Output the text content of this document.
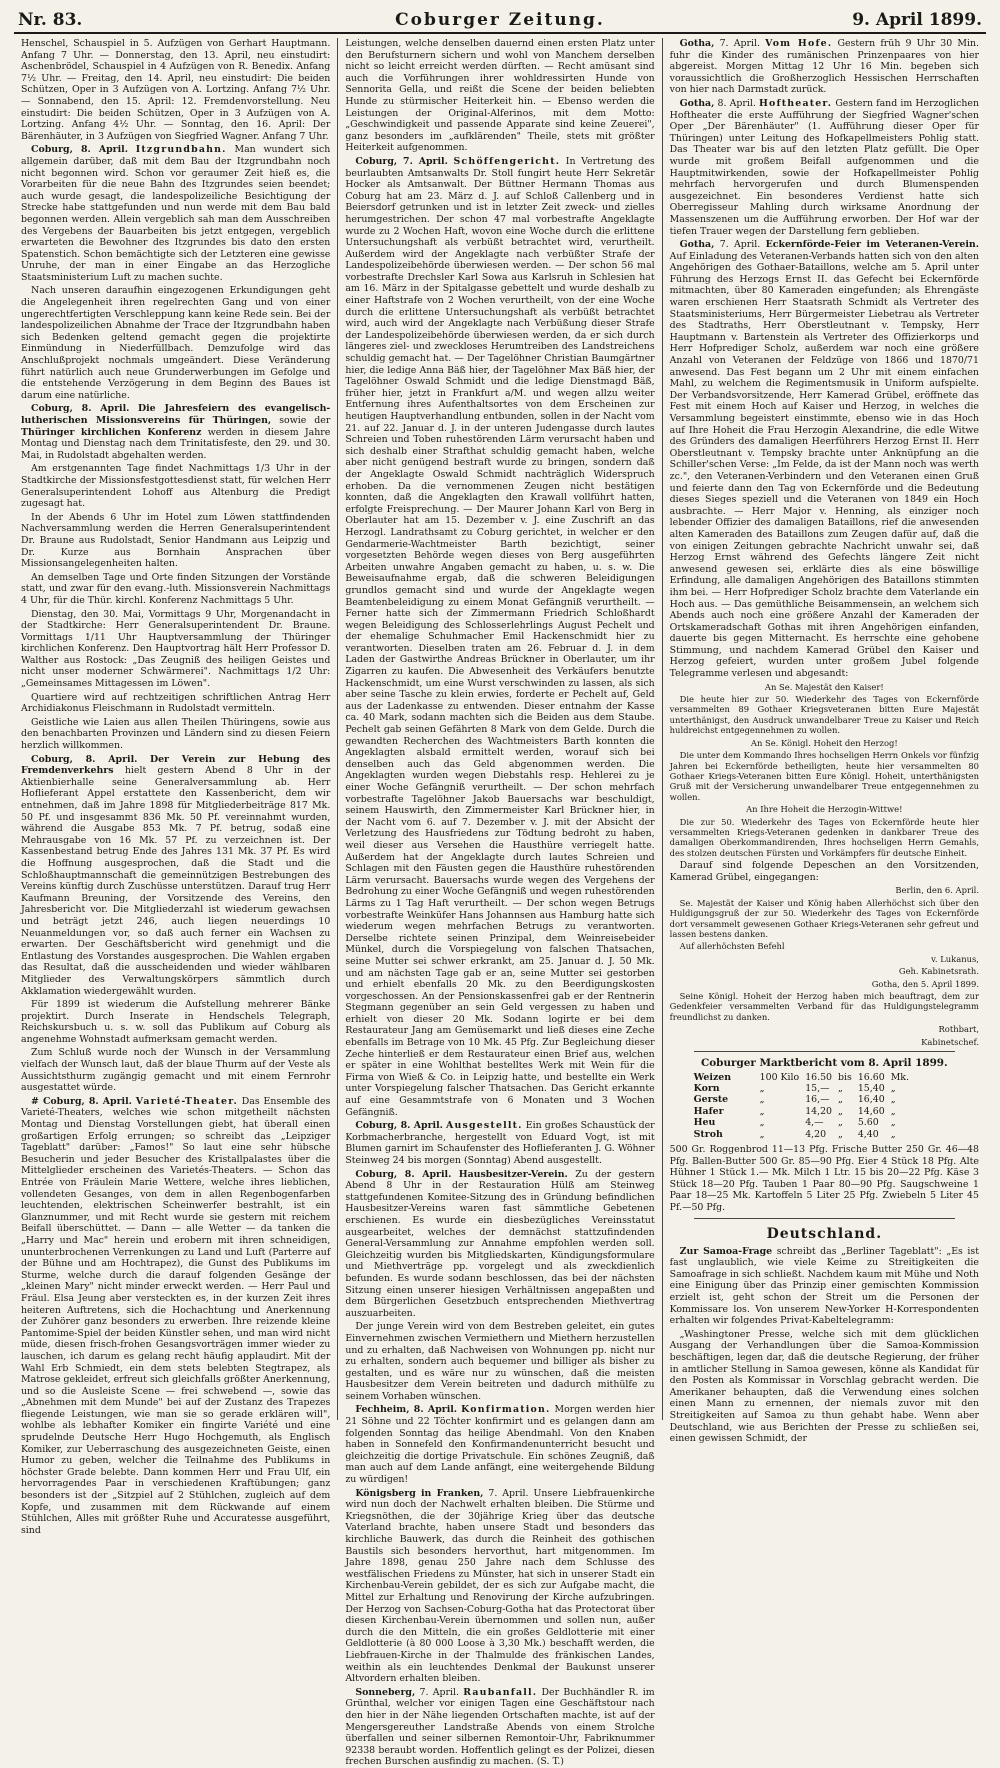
Nr. 83.	Coburger Zeitung.	9. April 1899.

Henschel, Schauspiel in 5. Aufzügen von Gerhart Hauptmann. Anfang 7 Uhr. — Donnerstag, den 13. April, neu einstudirt: Aschenbrödel, Schauspiel in 4 Aufzügen von R. Benedix. Anfang 7½ Uhr. — Freitag, den 14. April, neu einstudirt: Die beiden Schützen, Oper in 3 Aufzügen von A. Lortzing. Anfang 7½ Uhr. — Sonnabend, den 15. April: 12. Fremdenvorstellung. Neu einstudirt: Die beiden Schützen, Oper in 3 Aufzügen von A. Lortzing. Anfang 4½ Uhr. — Sonntag, den 16. April: Der Bärenhäuter, in 3 Aufzügen von Siegfried Wagner. Anfang 7 Uhr.

Coburg, 8. April. Itzgrundbahn. Man wundert sich allgemein darüber, daß mit dem Bau der Itzgrundbahn noch nicht begonnen wird. Schon vor geraumer Zeit hieß es, die Vorarbeiten für die neue Bahn des Itzgrundes seien beendet; auch wurde gesagt, die landespolizeiliche Besichtigung der Strecke habe stattgefunden und nun werde mit dem Bau bald begonnen werden. Allein vergeblich sah man dem Ausschreiben des Vergebens der Bauarbeiten bis jetzt entgegen, vergeblich erwarteten die Bewohner des Itzgrundes bis dato den ersten Spatenstich. Schon bemächtigte sich der Letzteren eine gewisse Unruhe, der man in einer Eingabe an das Herzogliche Staatsministerium Luft zu machen suchte.

Nach unseren daraufhin eingezogenen Erkundigungen geht die Angelegenheit ihren regelrechten Gang und von einer ungerechtfertigten Verschleppung kann keine Rede sein. Bei der landespolizeilichen Abnahme der Trace der Itzgrundbahn haben sich Bedenken geltend gemacht gegen die projektirte Einmündung in Niederfüllbach. Demzufolge wird das Anschlußprojekt nochmals umgeändert. Diese Veränderung führt natürlich auch neue Grunderwerbungen im Gefolge und die entstehende Verzögerung in dem Beginn des Baues ist darum eine natürliche.

Coburg, 8. April. Die Jahresfeiern des evangelisch-lutherischen Missionsvereins für Thüringen, sowie der Thüringer kirchlichen Konferenz werden in diesem Jahre Montag und Dienstag nach dem Trinitatisfeste, den 29. und 30. Mai, in Rudolstadt abgehalten werden.

Am erstgenannten Tage findet Nachmittags 1/3 Uhr in der Stadtkirche der Missionsfestgottesdienst statt, für welchen Herr Generalsuperintendent Lohoff aus Altenburg die Predigt zugesagt hat.

In der Abends 6 Uhr im Hotel zum Löwen stattfindenden Nachversammlung werden die Herren Generalsuperintendent Dr. Braune aus Rudolstadt, Senior Handmann aus Leipzig und Dr. Kurze aus Bornhain Ansprachen über Missionsangelegenheiten halten.

An demselben Tage und Orte finden Sitzungen der Vorstände statt, und zwar für den evang.-luth. Missionsverein Nachmittags 4 Uhr, für die Thür. kirchl. Konferenz Nachmittags 5 Uhr.

Dienstag, den 30. Mai, Vormittags 9 Uhr, Morgenandacht in der Stadtkirche: Herr Generalsuperintendent Dr. Braune. Vormittags 1/11 Uhr Hauptversammlung der Thüringer kirchlichen Konferenz. Den Hauptvortrag hält Herr Professor D. Walther aus Rostock: „Das Zeugniß des heiligen Geistes und nicht unser moderner Schwärmerei". Nachmittags 1/2 Uhr: „Gemeinsames Mittagessen im Löwen".

Quartiere wird auf rechtzeitigen schriftlichen Antrag Herr Archidiakonus Fleischmann in Rudolstadt vermitteln.

Geistliche wie Laien aus allen Theilen Thüringens, sowie aus den benachbarten Provinzen und Ländern sind zu diesen Feiern herzlich willkommen.

Coburg, 8. April. Der Verein zur Hebung des Fremdenverkehrs hielt gestern Abend 8 Uhr in der Aktienbierhalle seine Generalversammlung ab. Herr Hoflieferant Appel erstattete den Kassenbericht, dem wir entnehmen, daß im Jahre 1898 für Mitgliederbeiträge 817 Mk. 50 Pf. und insgesammt 836 Mk. 50 Pf. vereinnahmt wurden, während die Ausgabe 853 Mk. 7 Pf. betrug, sodaß eine Mehrausgabe von 16 Mk. 57 Pf. zu verzeichnen ist. Der Kassenbestand betrug Ende des Jahres 131 Mk. 37 Pf. Es wird die Hoffnung ausgesprochen, daß die Stadt und die Schloßhauptmannschaft die gemeinnützigen Bestrebungen des Vereins künftig durch Zuschüsse unterstützen. Darauf trug Herr Kaufmann Breuning, der Vorsitzende des Vereins, den Jahresbericht vor. Die Mitgliederzahl ist wiederum gewachsen und beträgt jetzt 246, auch liegen neuerdings 10 Neuanmeldungen vor, so daß auch ferner ein Wachsen zu erwarten. Der Geschäftsbericht wird genehmigt und die Entlastung des Vorstandes ausgesprochen. Die Wahlen ergaben das Resultat, daß die ausscheidenden und wieder wählbaren Mitglieder des Verwaltungskörpers sämmtlich durch Akklamation wiedergewählt wurden.

Für 1899 ist wiederum die Aufstellung mehrerer Bänke projektirt. Durch Inserate in Hendschels Telegraph, Reichskursbuch u. s. w. soll das Publikum auf Coburg als angenehme Wohnstadt aufmerksam gemacht werden.

Zum Schluß wurde noch der Wunsch in der Versammlung vielfach der Wunsch laut, daß der blaue Thurm auf der Veste als Aussichtsthurm zugängig gemacht und mit einem Fernrohr ausgestattet würde.

# Coburg, 8. April. Varieté-Theater. Das Ensemble des Varieté-Theaters, welches wie schon mitgetheilt nächsten Montag und Dienstag Vorstellungen giebt, hat überall einen großartigen Erfolg errungen; so schreibt das „Leipziger Tageblatt" darüber: „Famos!" So laut eine sehr hübsche Besucherin und jeder Besucher des Kristallpalastes über die Mittelglieder erscheinen des Varietés-Theaters. — Schon das Entrée von Fräulein Marie Wettere, welche ihres lieblichen, vollendeten Gesanges, von dem in allen Regenbogenfarben leuchtenden, elektrischen Scheinwerfer bestrahlt, ist ein Glanznummer, und mit Recht wurde sie gestern mit reichem Beifall überschüttet. — Dann — alle Wetter — da tanken die „Harry und Mac" herein und erobern mit ihren schneidigen, ununterbrochenen Verrenkungen zu Land und Luft (Parterre auf der Bühne und am Hochtrapez), die Gunst des Publikums im Sturme, welche durch die darauf folgenden Gesänge der „kleinen Mary" nicht minder erweckt werden. — Herr Paul und Fräul. Elsa Jeung aber versteckten es, in der kurzen Zeit ihres heiteren Auftretens, sich die Hochachtung und Anerkennung der Zuhörer ganz besonders zu erwerben. Ihre reizende kleine Pantomime-Spiel der beiden Künstler sehen, und man wird nicht müde, diesen frisch-frohen Gesangsvorträgen immer wieder zu lauschen, ich darum es gelang recht häufig applaudirt. Mit der Wahl Erb Schmiedt, ein dem stets belebten Stegtrapez, als Matrose gekleidet, erfreut sich gleichfalls größter Anerkennung, und so die Ausleiste Scene — frei schwebend —, sowie das „Abnehmen mit dem Munde" bei auf der Zustanz des Trapezes fliegende Leistungen, wie man sie so gerade erklären will", wohlbe als lebhafter Komiker ein fingirte Variété und eine sprudelnde Deutsche Herr Hugo Hochgemuth, als Englisch Komiker, zur Ueberraschung des ausgezeichneten Geiste, einen Humor zu geben, welcher die Teilnahme des Publikums in höchster Grade belebte. Dann kommen Herr und Frau Ulf, ein hervorragendes Paar in verschiedenen Kraftübungen; ganz besonders ist der „Sitzpiel auf 2 Stühlchen, zugleich auf dem Kopfe, und zusammen mit dem Rückwande auf einem Stühlchen, Alles mit größter Ruhe und Accuratesse ausgeführt, sind

Leistungen, welche denselben dauernd einen ersten Platz unter den Berufsturnern sichern und wohl von Manchem derselben nicht so leicht erreicht werden dürften. — Recht amüsant sind auch die Vorführungen ihrer wohldressirten Hunde von Sennorita Gella, und reißt die Scene der beiden beliebten Hunde zu stürmischer Heiterkeit hin. — Ebenso werden die Leistungen der Original-Alferinos, mit dem Motto: „Geschwindigkeit und passende Apparate sind keine Zeuerei", ganz besonders im „aufklärenden" Theile, stets mit größter Heiterkeit aufgenommen.

Coburg, 7. April. Schöffengericht. In Vertretung des beurlaubten Amtsanwalts Dr. Stoll fungirt heute Herr Sekretär Hocker als Amtsanwalt. Der Büttner Hermann Thomas aus Coburg hat am 23. März d. J. auf Schloß Callenberg und in Beiersdorf getrunken und ist in letzter Zeit zweck- und zielles herumgestrichen. Der schon 47 mal vorbestrafte Angeklagte wurde zu 2 Wochen Haft, wovon eine Woche durch die erlittene Untersuchungshaft als verbüßt betrachtet wird, verurtheilt. Außerdem wird der Angeklagte nach verbüßter Strafe der Landespolizeibehörde überwiesen werden. — Der schon 56 mal vorbestrafte Drechsler Karl Sowa aus Karlsruh in Schlesien hat am 16. März in der Spitalgasse gebettelt und wurde deshalb zu einer Haftstrafe von 2 Wochen verurtheilt, von der eine Woche durch die erlittene Untersuchungshaft als verbüßt betrachtet wird, auch wird der Angeklagte nach Verbüßung dieser Strafe der Landespolizeibehörde überwiesen werden, da er sich durch längeres ziel- und zweckloses Herumtreiben des Landstreichens schuldig gemacht hat. — Der Tagelöhner Christian Baumgärtner hier, die ledige Anna Bäß hier, der Tagelöhner Max Bäß hier, der Tagelöhner Oswald Schmidt und die ledige Dienstmagd Bäß, früher hier, jetzt in Frankfurt a/M. und wegen allzu weiter Entfernung ihres Aufenthaltsortes von dem Erscheinen zur heutigen Hauptverhandlung entbunden, sollen in der Nacht vom 21. auf 22. Januar d. J. in der unteren Judengasse durch lautes Schreien und Toben ruhestörenden Lärm verursacht haben und sich deshalb einer Strafthat schuldig gemacht haben, welche aber nicht genügend bestraft wurde zu bringen, sondern daß der Angeklagte Oswald Schmidt nachträglich Widerspruch erhoben. Da die vernommenen Zeugen nicht bestätigen konnten, daß die Angeklagten den Krawall vollführt hatten, erfolgte Freisprechung. — Der Maurer Johann Karl von Berg in Oberlauter hat am 15. Dezember v. J. eine Zuschrift an das Herzogl. Landrathsamt zu Coburg gerichtet, in welcher er den Gendarmerie-Wachtmeister Barth bezichtigt, seiner vorgesetzten Behörde wegen dieses von Berg ausgeführten Arbeiten unwahre Angaben gemacht zu haben, u. s. w. Die Beweisaufnahme ergab, daß die schweren Beleidigungen grundlos gemacht sind und wurde der Angeklagte wegen Beamtenbeleidigung zu einem Monat Gefängniß verurtheilt. — Ferner hatte sich der Zimmermann Friedrich Schloßhardt wegen Beleidigung des Schlosserlehrlings August Pechelt und der ehemalige Schuhmacher Emil Hackenschmidt hier zu verantworten. Dieselben traten am 26. Februar d. J. in dem Laden der Gastwirthe Andreas Brückner in Oberlauter, um ihr Zigarren zu kaufen. Die Abwesenheit des Verkäufers benutzte Hackenschmidt, um eine Wurst verschwinden zu lassen, als sich aber seine Tasche zu klein erwies, forderte er Pechelt auf, Geld aus der Ladenkasse zu entwenden. Dieser entnahm der Kasse ca. 40 Mark, sodann machten sich die Beiden aus dem Staube. Pechelt gab seinen Gefährten 8 Mark von dem Gelde. Durch die gewandten Recherchen des Wachtmeisters Barth konnten die Angeklagten alsbald ermittelt werden, worauf sich bei denselben auch das Geld abgenommen werden. Die Angeklagten wurden wegen Diebstahls resp. Hehlerei zu je einer Woche Gefängniß verurtheilt. — Der schon mehrfach vorbestrafte Tagelöhner Jakob Bauersachs war beschuldigt, seinem Hauswirth, den Zimmermeister Karl Brückner hier, in der Nacht vom 6. auf 7. Dezember v. J. mit der Absicht der Verletzung des Hausfriedens zur Tödtung bedroht zu haben, weil dieser aus Versehen die Hausthüre verriegelt hatte. Außerdem hat der Angeklagte durch lautes Schreien und Schlagen mit den Fäusten gegen die Hausthüre ruhestörenden Lärm verursacht. Bauersachs wurde wegen des Vergehens der Bedrohung zu einer Woche Gefängniß und wegen ruhestörenden Lärms zu 1 Tag Haft verurtheilt. — Der schon wegen Betrugs vorbestrafte Weinküfer Hans Johannsen aus Hamburg hatte sich wiederum wegen mehrfachen Betrugs zu verantworten. Derselbe richtete seinen Prinzipal, dem Weinreisebeider Münkel, durch die Vorspiegelung von falschen Thatsachen, seine Mutter sei schwer erkrankt, am 25. Januar d. J. 50 Mk. und am nächsten Tage gab er an, seine Mutter sei gestorben und erhielt ebenfalls 20 Mk. zu den Beerdigungskosten vorgeschossen. An der Pensionskassenfrei gab er der Rentnerin Stegmann gegenüber an sein Geld vergessen zu haben und erhielt von dieser 20 Mk. Sodann logirte er bei dem Restaurateur Jang am Gemüsemarkt und ließ dieses eine Zeche ebenfalls im Betrage von 10 Mk. 45 Pfg. Zur Begleichung dieser Zeche hinterließ er dem Restaurateur einen Brief aus, welchen er später in eine Wohlthat bestelltes Werk mit Wein für die Firma von Wieß & Co. in Leipzig hatte, und bestellte ein Werk unter Vorspiegelung falscher Thatsachen. Das Gericht erkannte auf eine Gesammtstrafe von 6 Monaten und 3 Wochen Gefängniß.

Coburg, 8. April. Ausgestellt. Ein großes Schaustück der Korbmacherbranche, hergestellt von Eduard Vogt, ist mit Blumen garnirt im Schaufenster des Hoflieferanten J. G. Wöhner Steinweg 24 bis morgen (Sonntag) Abend ausgestellt.

Coburg, 8. April. Hausbesitzer-Verein. Zu der gestern Abend 8 Uhr in der Restauration Hülß am Steinweg stattgefundenen Komitee-Sitzung des in Gründung befindlichen Hausbesitzer-Vereins waren fast sämmtliche Gebetenen erschienen. Es wurde ein diesbezügliches Vereinsstatut ausgearbeitet, welches der demnächst stattzufindenden General-Versammlung zur Annahme empfohlen werden soll. Gleichzeitig wurden bis Mitgliedskarten, Kündigungsformulare und Miethverträge pp. vorgelegt und als zweckdienlich befunden. Es wurde sodann beschlossen, das bei der nächsten Sitzung einen unserer hiesigen Verhältnissen angepaßten und dem Bürgerlichen Gesetzbuch entsprechenden Miethvertrag auszuarbeiten.

Der junge Verein wird von dem Bestreben geleitet, ein gutes Einvernehmen zwischen Vermiethern und Miethern herzustellen und zu erhalten, daß Nachweisen von Wohnungen pp. nicht nur zu erhalten, sondern auch bequemer und billiger als bisher zu gestalten, und es wäre nur zu wünschen, daß die meisten Hausbesitzer dem Verein beitreten und dadurch mithülfe zu seinem Vorhaben wünschen.

Fechheim, 8. April. Konfirmation. Morgen werden hier 21 Söhne und 22 Töchter konfirmirt und es gelangen dann am folgenden Sonntag das heilige Abendmahl. Von den Knaben haben in Sonnefeld den Konfirmandenunterricht besucht und gleichzeitig die dortige Privatschule. Ein schönes Zeugniß, daß man auch auf dem Lande anfängt, eine weitergehende Bildung zu würdigen!

Königsberg in Franken, 7. April. Unsere Liebfrauenkirche wird nun doch der Nachwelt erhalten bleiben. Die Stürme und Kriegsnöthen, die der 30jährige Krieg über das deutsche Vaterland brachte, haben unsere Stadt und besonders das kirchliche Bauwerk, das durch die Reinheit des gothischen Baustils sich besonders hervorthut, hart mitgenommen. Im Jahre 1898, genau 250 Jahre nach dem Schlusse des westfälischen Friedens zu Münster, hat sich in unserer Stadt ein Kirchenbau-Verein gebildet, der es sich zur Aufgabe macht, die Mittel zur Erhaltung und Renovirung der Kirche aufzubringen. Der Herzog von Sachsen-Coburg-Gotha hat das Protectorat über diesen Kirchenbau-Verein übernommen und sollen nun, außer durch die den Mitteln, die ein großes Geldlotterie mit einer Geldlotterie (à 80 000 Loose à 3,30 Mk.) beschafft werden, die Liebfrauen-Kirche in der Thalmulde des fränkischen Landes, weithin als ein leuchtendes Denkmal der Baukunst unserer Altvordern erhalten bleiben.

Sonneberg, 7. April. Raubanfall. Der Buchhändler R. im Grünthal, welcher vor einigen Tagen eine Geschäftstour nach den hier in der Nähe liegenden Ortschaften machte, ist auf der Mengersgereuther Landstraße Abends von einem Strolche überfallen und seiner silbernen Remontoir-Uhr, Fabriknummer 92338 beraubt worden. Hoffentlich gelingt es der Polizei, diesen frechen Burschen ausfindig zu machen. (S. T.)

Gotha, 7. April. Vom Hofe. Gestern früh 9 Uhr 30 Min. fuhr die Kinder des rumänischen Prinzenpaares von hier abgereist. Morgen Mittag 12 Uhr 16 Min. begeben sich voraussichtlich die Großherzoglich Hessischen Herrschaften von hier nach Darmstadt zurück.

Gotha, 8. April. Hoftheater. Gestern fand im Herzoglichen Hoftheater die erste Aufführung der Siegfried Wagner'schen Oper „Der Bärenhäuter" (1. Aufführung dieser Oper für Thüringen) unter Leitung des Hofkapellmeisters Pohlig statt. Das Theater war bis auf den letzten Platz gefüllt. Die Oper wurde mit großem Beifall aufgenommen und die Hauptmitwirkenden, sowie der Hofkapellmeister Pohlig mehrfach hervorgerufen und durch Blumenspenden ausgezeichnet. Ein besonderes Verdienst hatte sich Oberregisseur Mahling durch wirksame Anordnung der Massenszenen um die Aufführung erworben. Der Hof war der tiefen Trauer wegen der Darstellung fern geblieben.

Gotha, 7. April. Eckernförde-Feier im Veteranen-Verein. Auf Einladung des Veteranen-Verbands hatten sich von den alten Angehörigen des Gothaer-Bataillons, welche am 5. April unter Führung des Herzogs Ernst II. das Gefecht bei Eckernförde mitmachten, über 80 Kameraden eingefunden; als Ehrengäste waren erschienen Herr Staatsrath Schmidt als Vertreter des Staatsministeriums, Herr Bürgermeister Liebetrau als Vertreter des Stadtraths, Herr Oberstleutnant v. Tempsky, Herr Hauptmann v. Bartenstein als Vertreter des Offizierkorps und Herr Hofprediger Scholz, außerdem war noch eine größere Anzahl von Veteranen der Feldzüge von 1866 und 1870/71 anwesend. Das Fest begann um 2 Uhr mit einem einfachen Mahl, zu welchem die Regimentsmusik in Uniform aufspielte. Der Verbandsvorsitzende, Herr Kamerad Grübel, eröffnete das Fest mit einem Hoch auf Kaiser und Herzog, in welches die Versammlung begeistert einstimmte, ebenso wie in das Hoch auf Ihre Hoheit die Frau Herzogin Alexandrine, die edle Witwe des Gründers des damaligen Heerführers Herzog Ernst II. Herr Oberstleutnant v. Tempsky brachte unter Anknüpfung an die Schiller'schen Verse: „Im Felde, da ist der Mann noch was werth zc.", den Veteranen-Verbindern und den Veteranen einen Gruß und feierte dann den Tag von Eckernförde und die Bedeutung dieses Sieges speziell und die Veteranen von 1849 ein Hoch ausbrachte. — Herr Major v. Henning, als einziger noch lebender Offizier des damaligen Bataillons, rief die anwesenden alten Kameraden des Bataillons zum Zeugen dafür auf, daß die von einigen Zeitungen gebrachte Nachricht unwahr sei, daß Herzog Ernst während des Gefechts längere Zeit nicht anwesend gewesen sei, erklärte dies als eine böswillige Erfindung, alle damaligen Angehörigen des Bataillons stimmten ihm bei. — Herr Hofprediger Scholz brachte dem Vaterlande ein Hoch aus. — Das gemüthliche Beisammensein, an welchem sich Abends auch noch eine größere Anzahl der Kameraden der Ortskameradschaft Gothas mit ihren Angehörigen einfanden, dauerte bis gegen Mitternacht. Es herrschte eine gehobene Stimmung, und nachdem Kamerad Grübel den Kaiser und Herzog gefeiert, wurden unter großem Jubel folgende Telegramme verlesen und abgesandt:

An Se. Majestät den Kaiser!

Die heute hier zur 50. Wiederkehr des Tages von Eckernförde versammelten 89 Gothaer Kriegsveteranen bitten Eure Majestät unterthänigst, den Ausdruck unwandelbarer Treue zu Kaiser und Reich huldreichst entgegennehmen zu wollen.

An Se. Königl. Hoheit den Herzog!

Die unter dem Kommando Ihres hochseligen Herrn Onkels vor fünfzig Jahren bei Eckernförde betheiligten, heute hier versammelten 80 Gothaer Kriegs-Veteranen bitten Eure Königl. Hoheit, unterthänigsten Gruß mit der Versicherung unwandelbarer Treue entgegennehmen zu wollen.

An Ihre Hoheit die Herzogin-Wittwe!

Die zur 50. Wiederkehr des Tages von Eckernförde heute hier versammelten Kriegs-Veteranen gedenken in dankbarer Treue des damaligen Oberkommandirenden, Ihres hochseligen Herrn Gemahls, des stolzen deutschen Fürsten und Vorkämpfers für deutsche Einheit.

Darauf sind folgende Depeschen an den Vorsitzenden, Kamerad Grübel, eingegangen:

Berlin, den 6. April.

Se. Majestät der Kaiser und König haben Allerhöchst sich über den Huldigungsgruß der zur 50. Wiederkehr des Tages von Eckernförde dort versammelt gewesenen Gothaer Kriegs-Veteranen sehr gefreut und lassen bestens danken.

Auf allerhöchsten Befehl

v. Lukanus,

Geh. Kabinetsrath.

Gotha, den 5. April 1899.

Seine Königl. Hoheit der Herzog haben mich beauftragt, dem zur Gedenkfeier versammelten Verband für das Huldigungstelegramm freundlichst zu danken.

Rothbart,

Kabinetschef.

Coburger Marktbericht vom 8. April 1899.

Weizen	100 Kilo	16.50	bis	16.60	Mk.
Korn	„	15,—	„	15,40	„
Gerste	„	16,—	„	16,40	„
Hafer	„	14,20	„	14,60	„
Heu	„	4,—	„	5.60	„
Stroh	„	4,20	„	4,40	„

500 Gr. Roggenbrod 11—13 Pfg. Frische Butter 250 Gr. 46—48 Pfg. Ballen-Butter 500 Gr. 85—90 Pfg. Eier 4 Stück 18 Pfg. Alte Hühner 1 Stück 1.— Mk. Milch 1 Ltr. 15 bis 20—22 Pfg. Käse 3 Stück 18—20 Pfg. Tauben 1 Paar 80—90 Pfg. Saugschweine 1 Paar 18—25 Mk. Kartoffeln 5 Liter 25 Pfg. Zwiebeln 5 Liter 45 Pf.—50 Pfg.

Deutschland.

Zur Samoa-Frage schreibt das „Berliner Tageblatt": „Es ist fast unglaublich, wie viele Keime zu Streitigkeiten die Samoafrage in sich schließt. Nachdem kaum mit Mühe und Noth eine Einigung über das Prinzip einer gemischten Kommission erzielt ist, geht schon der Streit um die Personen der Kommissare los. Von unserem New-Yorker H-Korrespondenten erhalten wir folgendes Privat-Kabeltelegramm:

„Washingtoner Presse, welche sich mit dem glücklichen Ausgang der Verhandlungen über die Samoa-Kommission beschäftigen, legen dar, daß die deutsche Regierung, der früher in amtlicher Stellung in Samoa gewesen, könne als Kandidat für den Posten als Kommissar in Vorschlag gebracht werden. Die Amerikaner behaupten, daß die Verwendung eines solchen einen Mann zu ernennen, der niemals zuvor mit den Streitigkeiten auf Samoa zu thun gehabt habe. Wenn aber Deutschland, wie aus Berichten der Presse zu schließen sei, einen gewissen Schmidt, der
